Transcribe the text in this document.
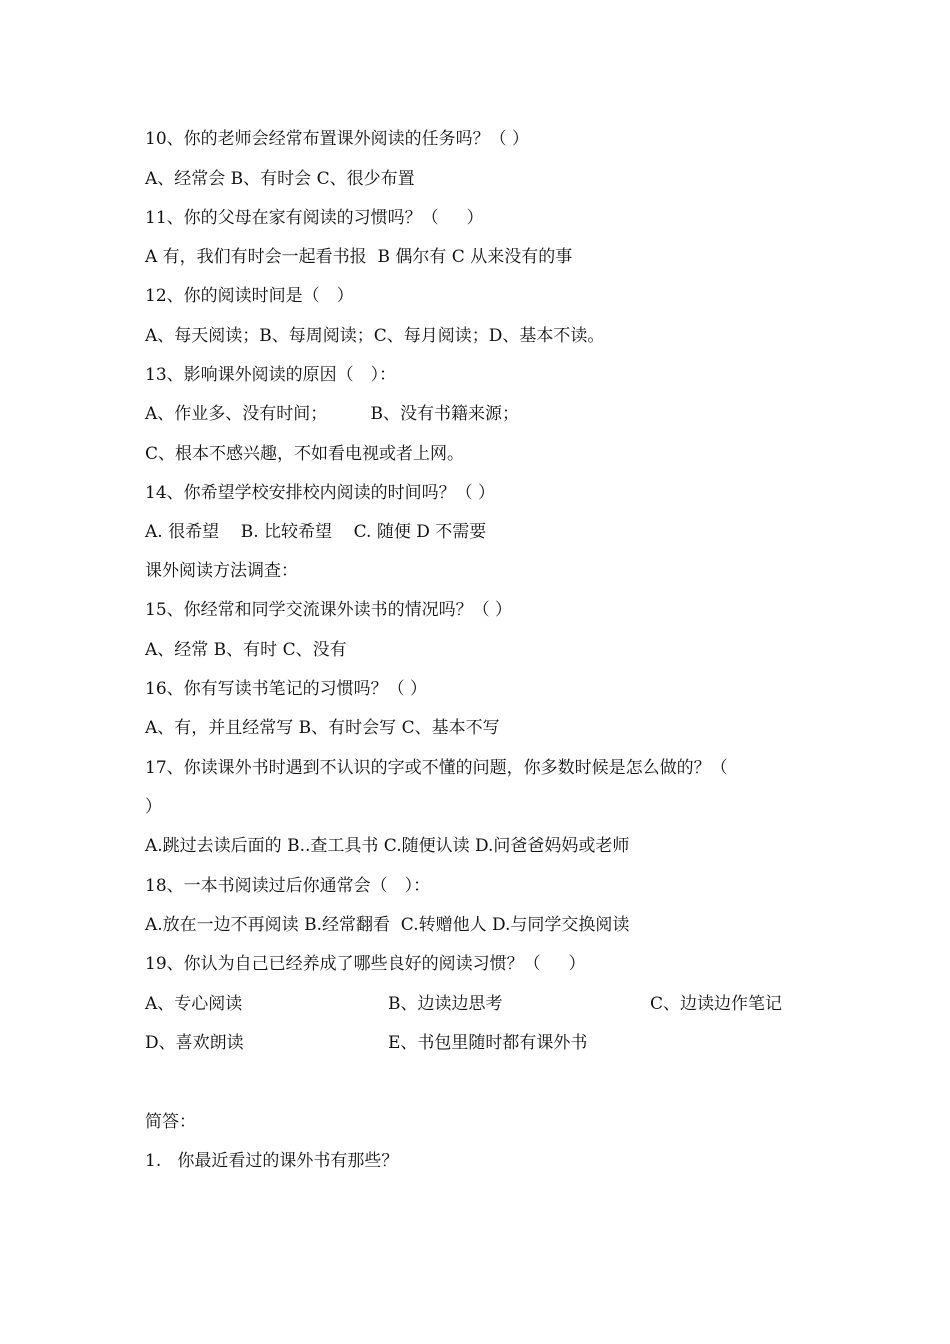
10、你的老师会经常布置课外阅读的任务吗？（ ）
A、经常会 B、有时会 C、很少布置
11、你的父母在家有阅读的习惯吗？（　  ）
A 有，我们有时会一起看书报  B 偶尔有 C 从来没有的事
12、你的阅读时间是（　）
A、每天阅读；B、每周阅读；C、每月阅读；D、基本不读。
13、影响课外阅读的原因（　）：
A、作业多、没有时间；        B、没有书籍来源；
C、根本不感兴趣，不如看电视或者上网。
14、你希望学校安排校内阅读的时间吗？（ ）
A. 很希望    B. 比较希望    C. 随便 D 不需要
课外阅读方法调查：
15、你经常和同学交流课外读书的情况吗？（ ）
A、经常 B、有时 C、没有
16、你有写读书笔记的习惯吗？（ ）
A、有，并且经常写 B、有时会写 C、基本不写
17、你读课外书时遇到不认识的字或不懂的问题，你多数时候是怎么做的？（
）
A.跳过去读后面的 B..查工具书 C.随便认读 D.问爸爸妈妈或老师
18、一本书阅读过后你通常会（　）：
A.放在一边不再阅读 B.经常翻看  C.转赠他人 D.与同学交换阅读
19、你认为自己已经养成了哪些良好的阅读习惯？（　  ）
A、专心阅读	B、边读边思考	C、边读边作笔记
D、喜欢朗读	E、书包里随时都有课外书
简答：
1.   你最近看过的课外书有那些？
